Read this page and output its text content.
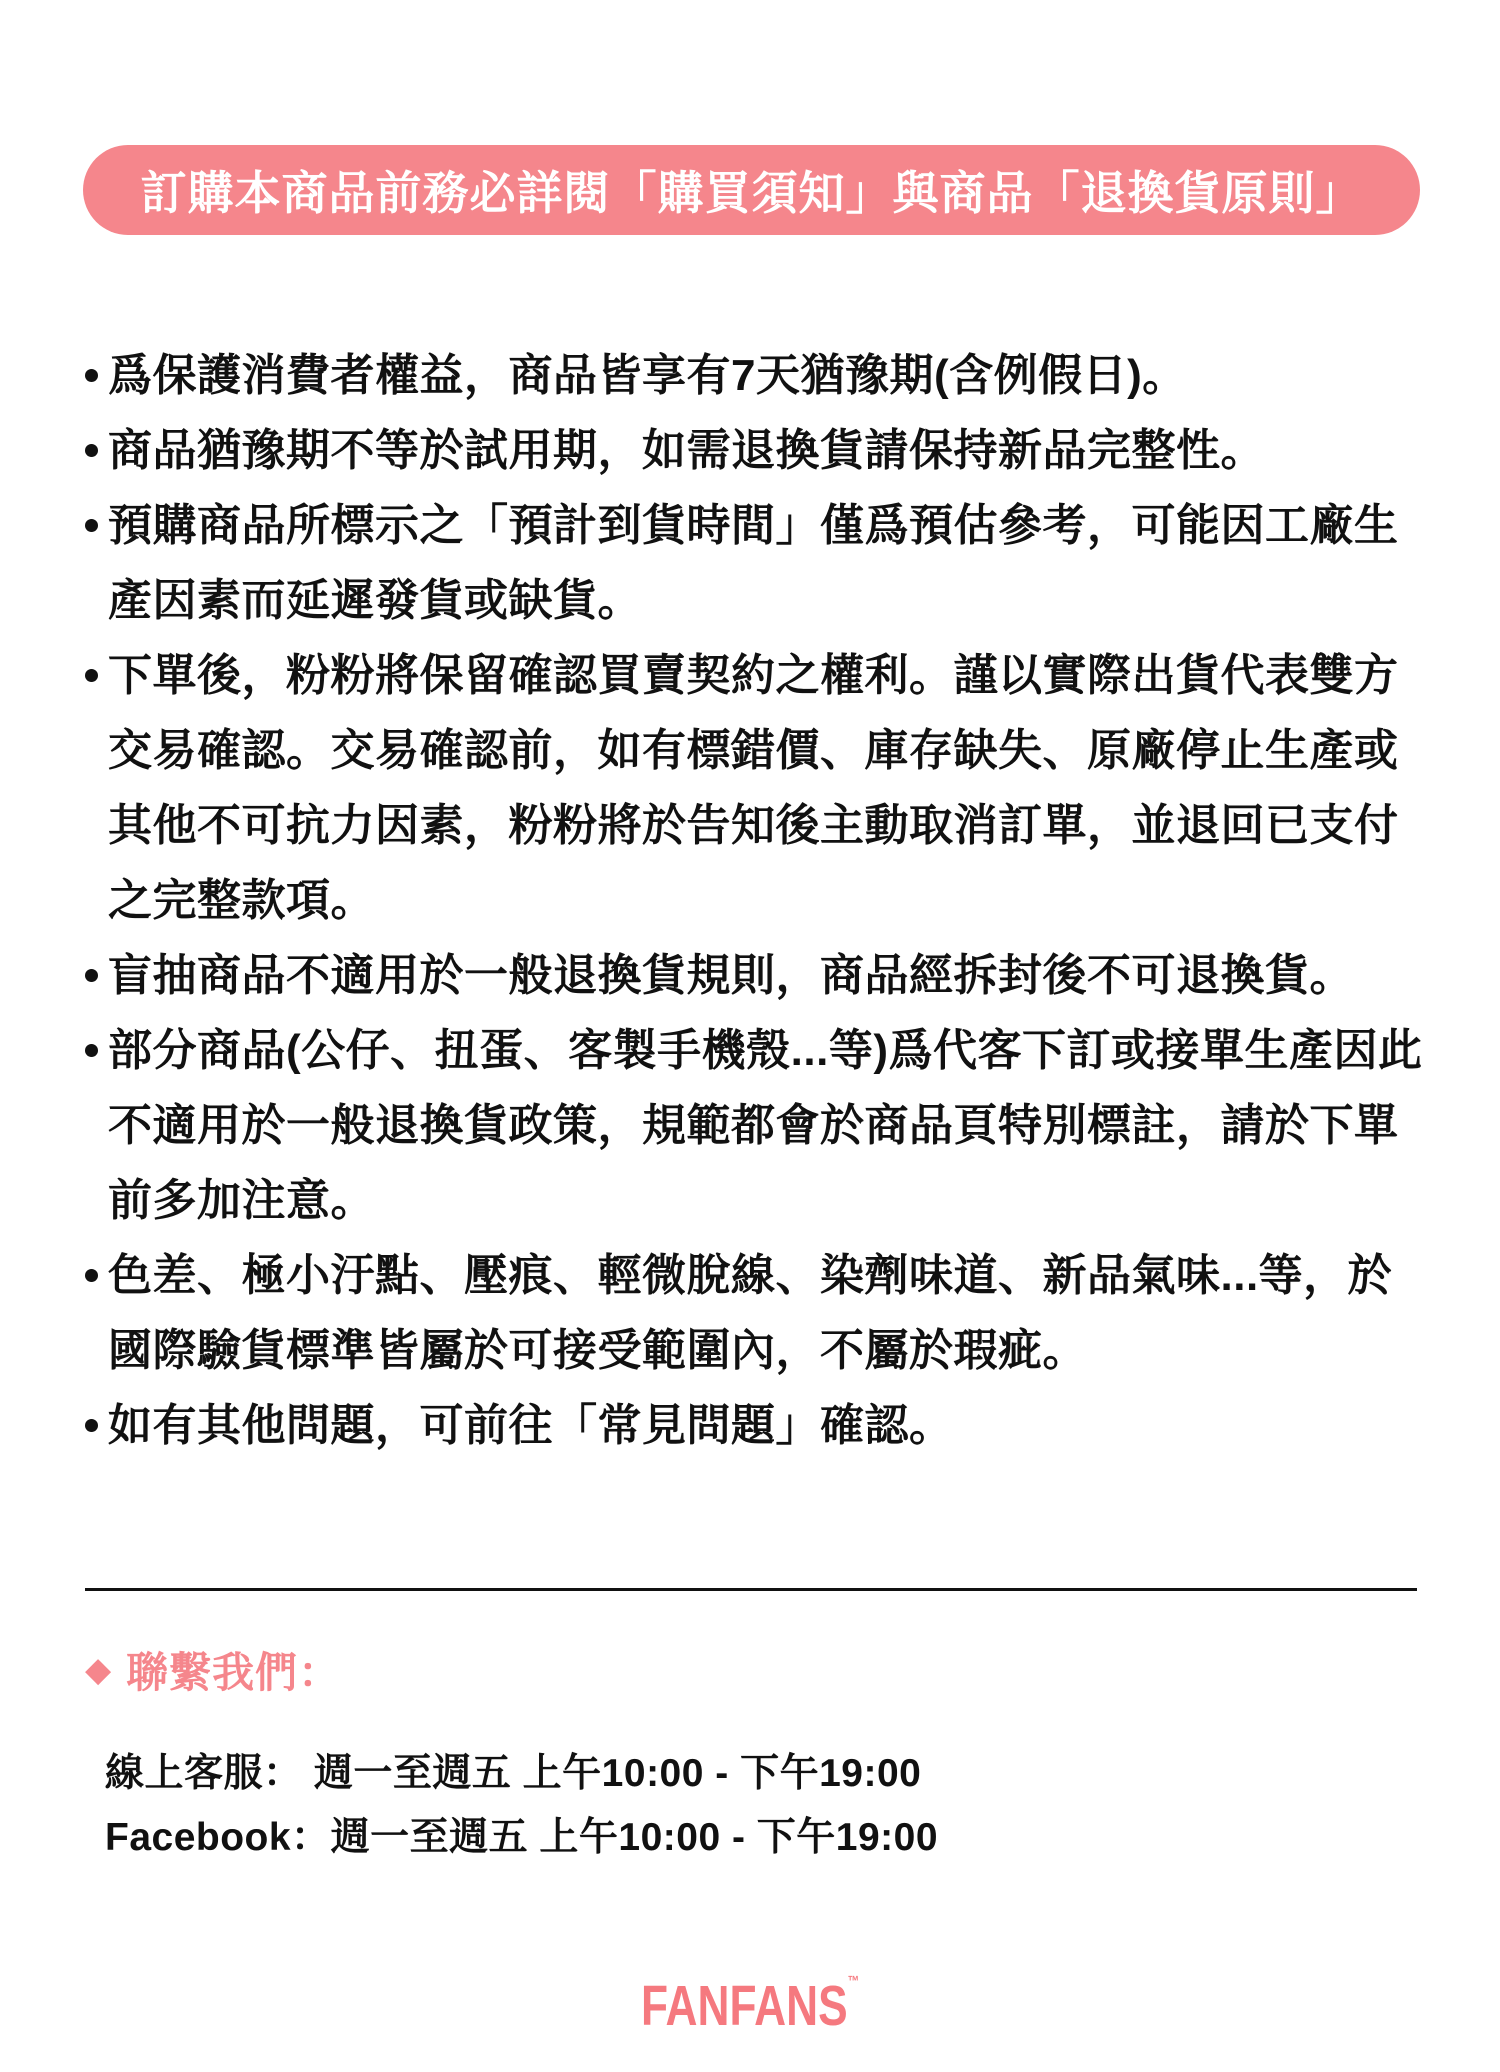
訂購本商品前務必詳閱「購買須知」與商品「退換貨原則」
爲保護消費者權益，商品皆享有7天猶豫期(含例假日)。
商品猶豫期不等於試用期，如需退換貨請保持新品完整性。
預購商品所標示之「預計到貨時間」僅爲預估參考，可能因工廠生產因素而延遲發貨或缺貨。
下單後，粉粉將保留確認買賣契約之權利。謹以實際出貨代表雙方交易確認。交易確認前，如有標錯價、庫存缺失、原廠停止生產或其他不可抗力因素，粉粉將於告知後主動取消訂單，並退回已支付之完整款項。
盲抽商品不適用於一般退換貨規則，商品經拆封後不可退換貨。
部分商品(公仔、扭蛋、客製手機殼...等)爲代客下訂或接單生產因此不適用於一般退換貨政策，規範都會於商品頁特別標註，請於下單前多加注意。
色差、極小汙點、壓痕、輕微脫線、染劑味道、新品氣味...等，於國際驗貨標準皆屬於可接受範圍內，不屬於瑕疵。
如有其他問題，可前往「常見問題」確認。
◆ 聯繫我們：
線上客服： 週一至週五 上午10:00 - 下午19:00
Facebook：週一至週五 上午10:00 - 下午19:00
FANFANS™
